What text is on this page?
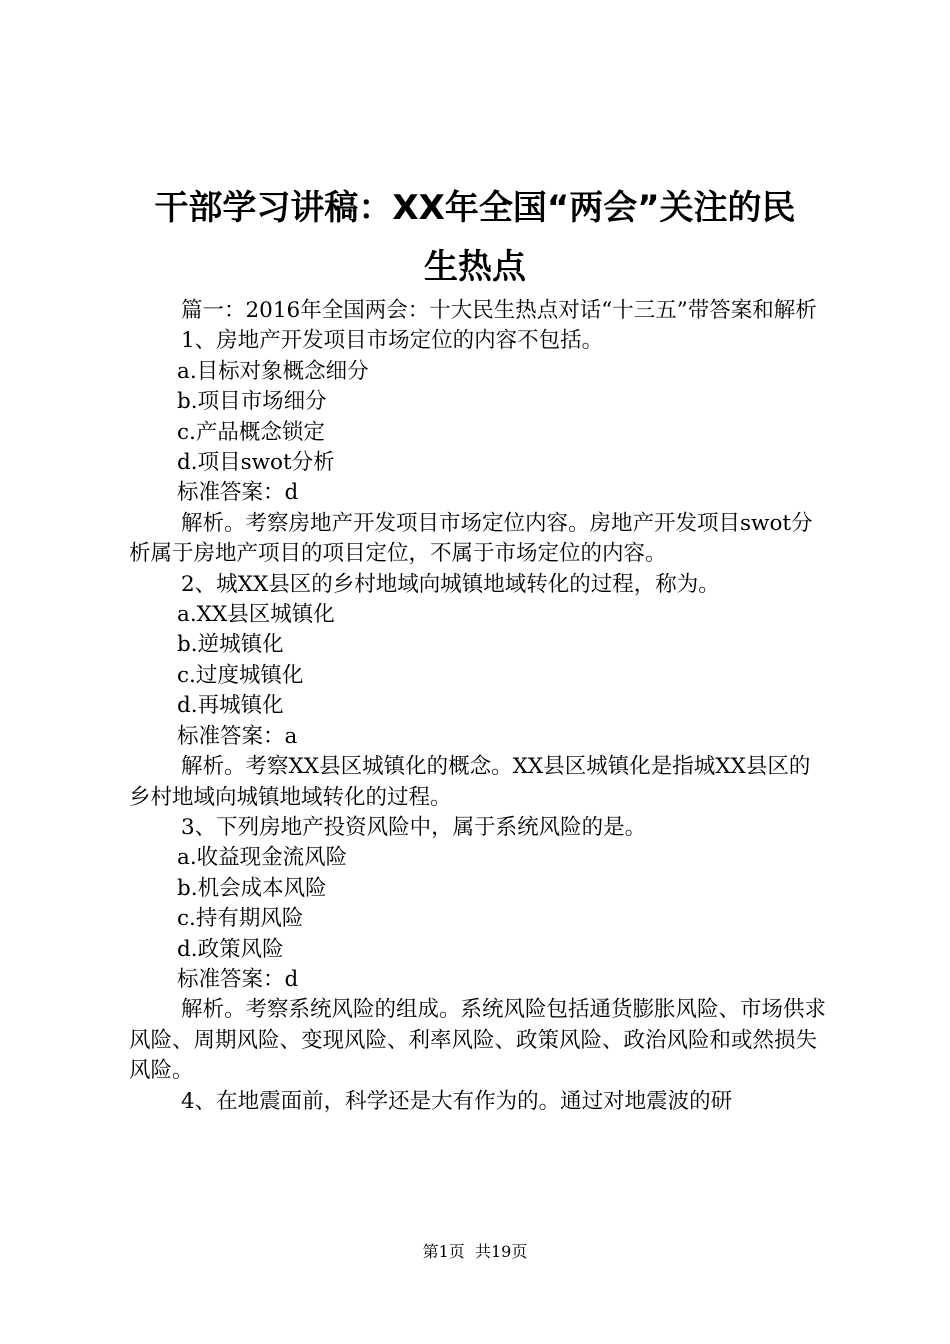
干部学习讲稿：XX年全国“两会”关注的民
生热点

篇一：2016年全国两会：十大民生热点对话“十三五”带答案和解析

1、房地产开发项目市场定位的内容不包括。

a.目标对象概念细分

b.项目市场细分

c.产品概念锁定

d.项目swot分析

标准答案：d

解析。考察房地产开发项目市场定位内容。房地产开发项目swot分析属于房地产项目的项目定位，不属于市场定位的内容。

2、城XX县区的乡村地域向城镇地域转化的过程，称为。

a.XX县区城镇化

b.逆城镇化

c.过度城镇化

d.再城镇化

标准答案：a

解析。考察XX县区城镇化的概念。XX县区城镇化是指城XX县区的乡村地域向城镇地域转化的过程。

3、下列房地产投资风险中，属于系统风险的是。

a.收益现金流风险

b.机会成本风险

c.持有期风险

d.政策风险

标准答案：d

解析。考察系统风险的组成。系统风险包括通货膨胀风险、市场供求风险、周期风险、变现风险、利率风险、政策风险、政治风险和或然损失风险。

4、在地震面前，科学还是大有作为的。通过对地震波的研

第1页 共19页
